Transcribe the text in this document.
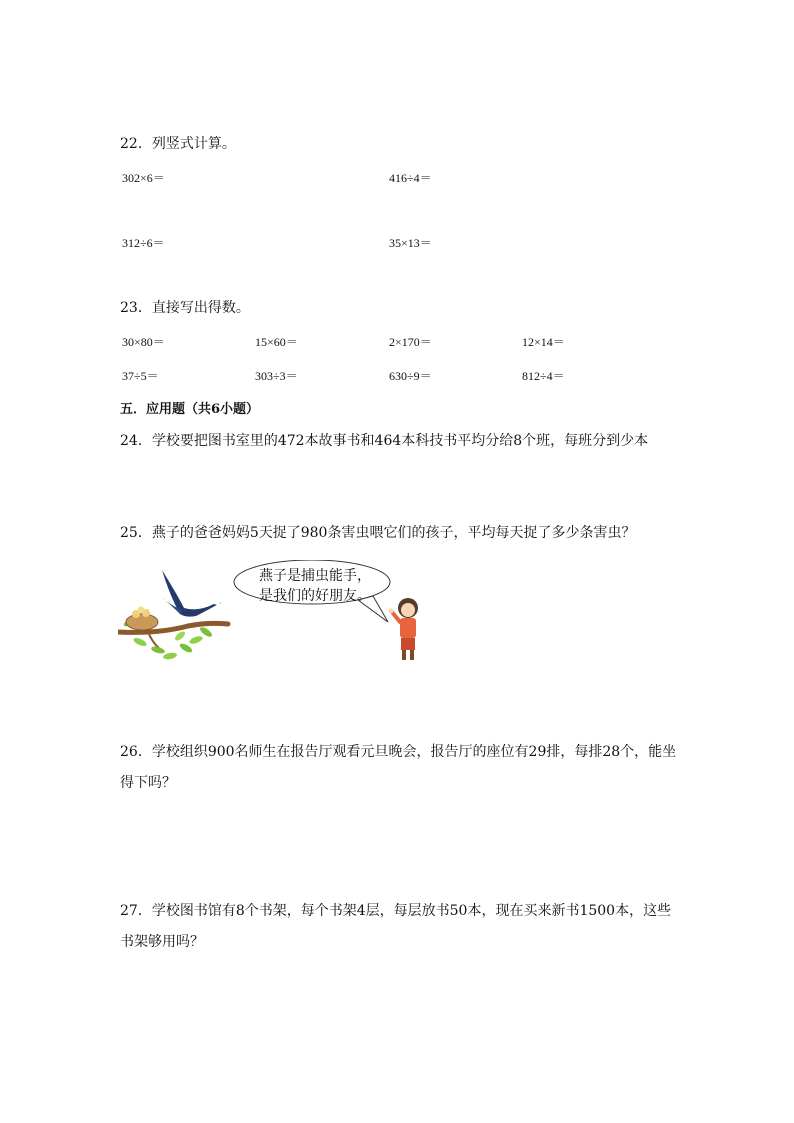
22．列竖式计算。
302×6＝	416÷4＝
312÷6＝	35×13＝
23．直接写出得数。
30×80＝	15×60＝	2×170＝	12×14＝
37÷5＝	303÷3＝	630÷9＝	812÷4＝
五．应用题（共6小题）
24．学校要把图书室里的472本故事书和464本科技书平均分给8个班，每班分到少本
25．燕子的爸爸妈妈5天捉了980条害虫喂它们的孩子，平均每天捉了多少条害虫？
燕子是捕虫能手，
是我们的好朋友。
26．学校组织900名师生在报告厅观看元旦晚会，报告厅的座位有29排，每排28个，能坐
得下吗？
27．学校图书馆有8个书架，每个书架4层，每层放书50本，现在买来新书1500本，这些
书架够用吗？
